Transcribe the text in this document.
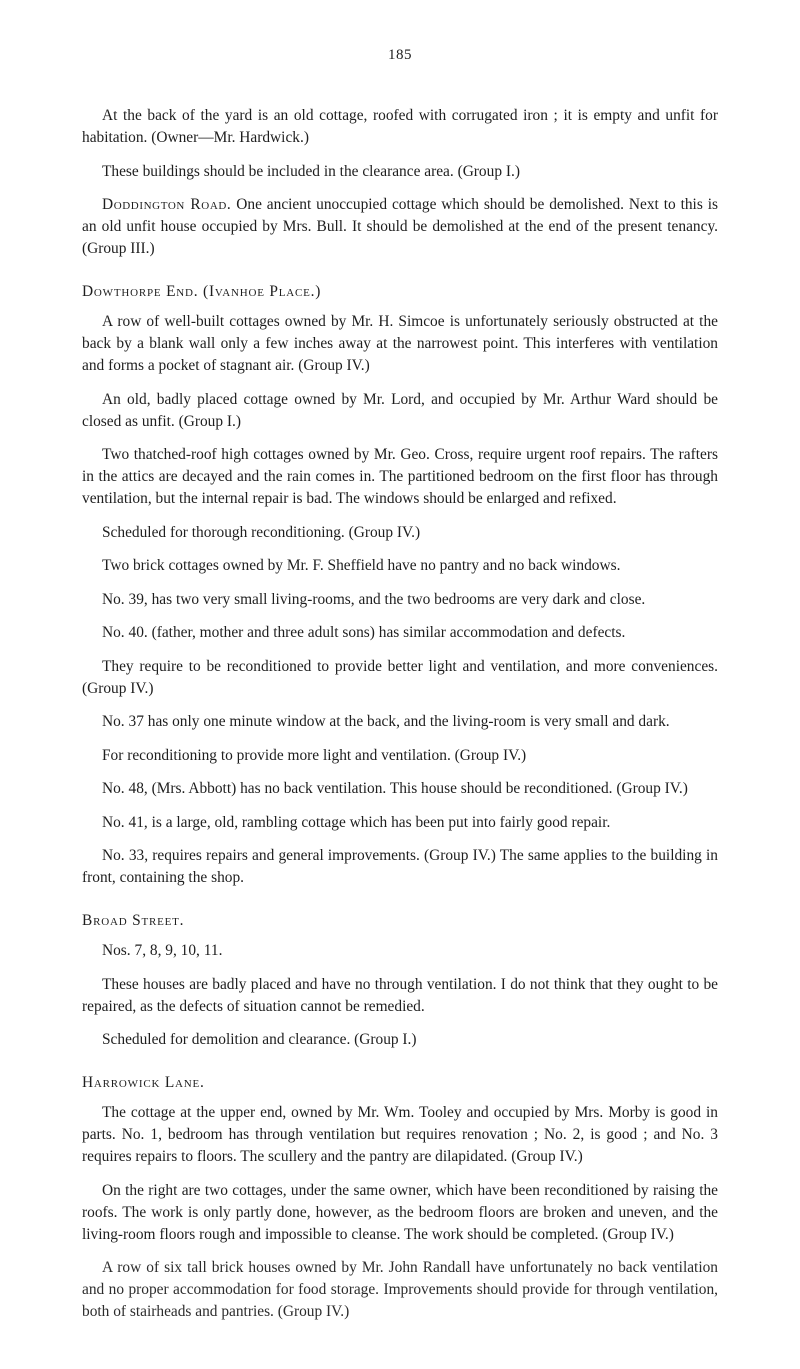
185

At the back of the yard is an old cottage, roofed with corrugated iron ; it is empty and unfit for habitation. (Owner—Mr. Hardwick.)

These buildings should be included in the clearance area. (Group I.)

Doddington Road. One ancient unoccupied cottage which should be demolished. Next to this is an old unfit house occupied by Mrs. Bull. It should be demolished at the end of the present tenancy. (Group III.)

Dowthorpe End. (Ivanhoe Place.)

A row of well-built cottages owned by Mr. H. Simcoe is unfortunately seriously obstructed at the back by a blank wall only a few inches away at the narrowest point. This interferes with ventilation and forms a pocket of stagnant air. (Group IV.)

An old, badly placed cottage owned by Mr. Lord, and occupied by Mr. Arthur Ward should be closed as unfit. (Group I.)

Two thatched-roof high cottages owned by Mr. Geo. Cross, require urgent roof repairs. The rafters in the attics are decayed and the rain comes in. The partitioned bedroom on the first floor has through ventilation, but the internal repair is bad. The windows should be enlarged and refixed.

Scheduled for thorough reconditioning. (Group IV.)

Two brick cottages owned by Mr. F. Sheffield have no pantry and no back windows.

No. 39, has two very small living-rooms, and the two bedrooms are very dark and close.

No. 40. (father, mother and three adult sons) has similar accommodation and defects.

They require to be reconditioned to provide better light and ventilation, and more conveniences. (Group IV.)

No. 37 has only one minute window at the back, and the living-room is very small and dark.

For reconditioning to provide more light and ventilation. (Group IV.)

No. 48, (Mrs. Abbott) has no back ventilation. This house should be reconditioned. (Group IV.)

No. 41, is a large, old, rambling cottage which has been put into fairly good repair.

No. 33, requires repairs and general improvements. (Group IV.) The same applies to the building in front, containing the shop.

Broad Street.

Nos. 7, 8, 9, 10, 11.

These houses are badly placed and have no through ventilation. I do not think that they ought to be repaired, as the defects of situation cannot be remedied.

Scheduled for demolition and clearance. (Group I.)

Harrowick Lane.

The cottage at the upper end, owned by Mr. Wm. Tooley and occupied by Mrs. Morby is good in parts. No. 1, bedroom has through ventilation but requires renovation ; No. 2, is good ; and No. 3 requires repairs to floors. The scullery and the pantry are dilapidated. (Group IV.)

On the right are two cottages, under the same owner, which have been reconditioned by raising the roofs. The work is only partly done, however, as the bedroom floors are broken and uneven, and the living-room floors rough and impossible to cleanse. The work should be completed. (Group IV.)

A row of six tall brick houses owned by Mr. John Randall have unfortunately no back ventilation and no proper accommodation for food storage. Improvements should provide for through ventilation, both of stairheads and pantries. (Group IV.)
